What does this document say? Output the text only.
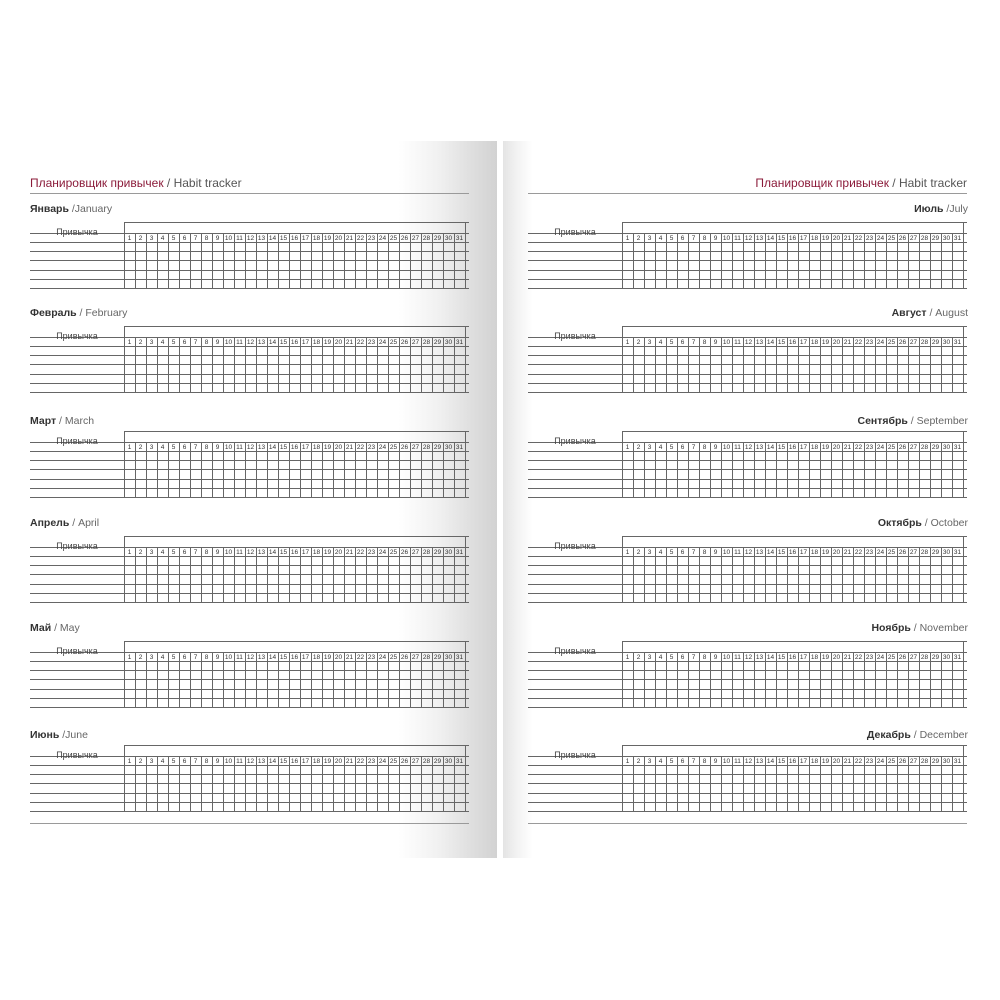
Планировщик привычек / Habit tracker	Планировщик привычек / Habit tracker
Январь /January
Привычка
1	2	3	4	5	6	7	8	9 10 11 12 13 14 15 16 17 18 19 20 21 22 23 24 25 26 27 28 29 30 31
Февраль / February
Привычка
1	2	3	4	5	6	7	8	9 10 11 12 13 14 15 16 17 18 19 20 21 22 23 24 25 26 27 28 29 30 31
Март / March
Привычка
1	2	3	4	5	6	7	8	9 10 11 12 13 14 15 16 17 18 19 20 21 22 23 24 25 26 27 28 29 30 31
Апрель / April
Привычка
1	2	3	4	5	6	7	8	9 10 11 12 13 14 15 16 17 18 19 20 21 22 23 24 25 26 27 28 29 30 31
Май / May
Привычка
1	2	3	4	5	6	7	8	9 10 11 12 13 14 15 16 17 18 19 20 21 22 23 24 25 26 27 28 29 30 31
Июнь /June
Привычка
1	2	3	4	5	6	7	8	9 10 11 12 13 14 15 16 17 18 19 20 21 22 23 24 25 26 27 28 29 30 31
Июль /July
Привычка
1	2	3	4	5	6	7	8	9 10 11 12 13 14 15 16 17 18 19 20 21 22 23 24 25 26 27 28 29 30 31
Август / August
Привычка
1	2	3	4	5	6	7	8	9 10 11 12 13 14 15 16 17 18 19 20 21 22 23 24 25 26 27 28 29 30 31
Сентябрь / September
Привычка
1	2	3	4	5	6	7	8	9 10 11 12 13 14 15 16 17 18 19 20 21 22 23 24 25 26 27 28 29 30 31
Октябрь / October
Привычка
1	2	3	4	5	6	7	8	9 10 11 12 13 14 15 16 17 18 19 20 21 22 23 24 25 26 27 28 29 30 31
Ноябрь / November
Привычка
1	2	3	4	5	6	7	8	9 10 11 12 13 14 15 16 17 18 19 20 21 22 23 24 25 26 27 28 29 30 31
Декабрь / December
Привычка
1	2	3	4	5	6	7	8	9 10 11 12 13 14 15 16 17 18 19 20 21 22 23 24 25 26 27 28 29 30 31
